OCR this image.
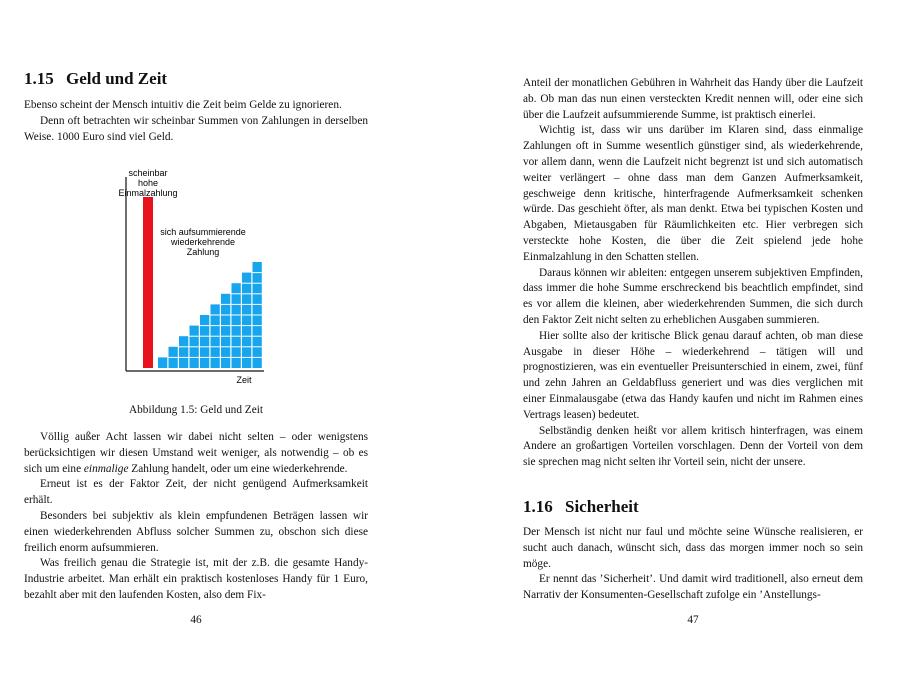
1.15 Geld und Zeit

Ebenso scheint der Mensch intuitiv die Zeit beim Gelde zu ignorieren.

Denn oft betrachten wir scheinbar Summen von Zahlungen in derselben Weise. 1000 Euro sind viel Geld.

scheinbar
hohe
Einmalzahlung
sich aufsummierende
wiederkehrende
Zahlung
Zeit

Abbildung 1.5: Geld und Zeit

Völlig außer Acht lassen wir dabei nicht selten – oder wenigstens berücksichtigen wir diesen Umstand weit weniger, als notwendig – ob es sich um eine einmalige Zahlung handelt, oder um eine wiederkehrende.

Erneut ist es der Faktor Zeit, der nicht genügend Aufmerksamkeit erhält.

Besonders bei subjektiv als klein empfundenen Beträgen lassen wir einen wiederkehrenden Abfluss solcher Summen zu, obschon sich diese freilich enorm aufsummieren.

Was freilich genau die Strategie ist, mit der z.B. die gesamte Handy-Industrie arbeitet. Man erhält ein praktisch kostenloses Handy für 1 Euro, bezahlt aber mit den laufenden Kosten, also dem Fix-

46

Anteil der monatlichen Gebühren in Wahrheit das Handy über die Laufzeit ab. Ob man das nun einen versteckten Kredit nennen will, oder eine sich über die Laufzeit aufsummierende Summe, ist praktisch einerlei.

Wichtig ist, dass wir uns darüber im Klaren sind, dass einmalige Zahlungen oft in Summe wesentlich günstiger sind, als wiederkehrende, vor allem dann, wenn die Laufzeit nicht begrenzt ist und sich automatisch weiter verlängert – ohne dass man dem Ganzen Aufmerksamkeit, geschweige denn kritische, hinterfragende Aufmerksamkeit schenken würde. Das geschieht öfter, als man denkt. Etwa bei typischen Kosten und Abgaben, Mietausgaben für Räumlichkeiten etc. Hier verbregen sich versteckte hohe Kosten, die über die Zeit spielend jede hohe Einmalzahlung in den Schatten stellen.

Daraus können wir ableiten: entgegen unserem subjektiven Empfinden, dass immer die hohe Summe erschreckend bis beachtlich empfindet, sind es vor allem die kleinen, aber wiederkehrenden Summen, die sich durch den Faktor Zeit nicht selten zu erheblichen Ausgaben summieren.

Hier sollte also der kritische Blick genau darauf achten, ob man diese Ausgabe in dieser Höhe – wiederkehrend – tätigen will und prognostizieren, was ein eventueller Preisunterschied in einem, zwei, fünf und zehn Jahren an Geldabfluss generiert und was dies verglichen mit einer Einmalausgabe (etwa das Handy kaufen und nicht im Rahmen eines Vertrags leasen) bedeutet.

Selbständig denken heißt vor allem kritisch hinterfragen, was einem Andere an großartigen Vorteilen vorschlagen. Denn der Vorteil von dem sie sprechen mag nicht selten ihr Vorteil sein, nicht der unsere.

1.16 Sicherheit

Der Mensch ist nicht nur faul und möchte seine Wünsche realisieren, er sucht auch danach, wünscht sich, dass das morgen immer noch so sein möge.

Er nennt das ’Sicherheit’. Und damit wird traditionell, also erneut dem Narrativ der Konsumenten-Gesellschaft zufolge ein ’Anstellungs-

47
